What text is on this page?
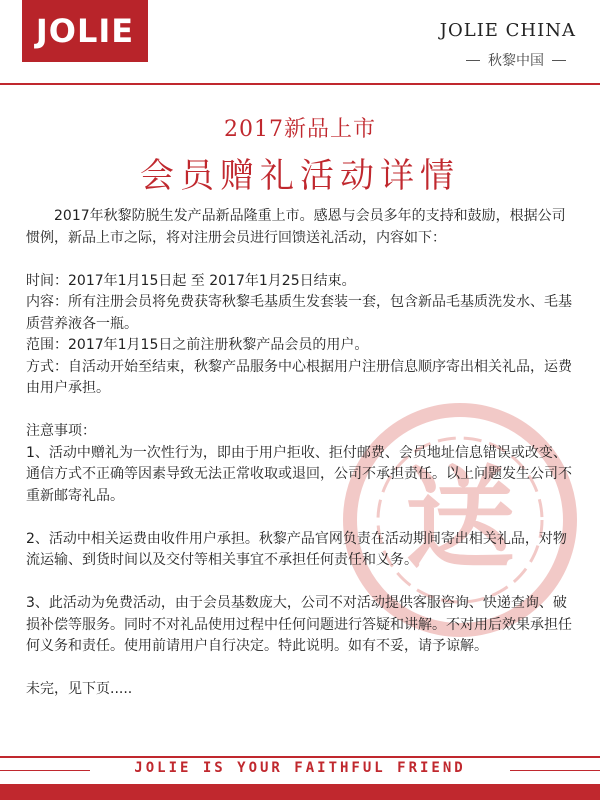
JOLIE	JOLIE CHINA
秋黎中国
2017新品上市
会员赠礼活动详情
送

2017年秋黎防脱生发产品新品隆重上市。感恩与会员多年的支持和鼓励，根据公司惯例，新品上市之际，将对注册会员进行回馈送礼活动，内容如下：

时间：2017年1月15日起 至 2017年1月25日结束。

内容：所有注册会员将免费获寄秋黎毛基质生发套装一套，包含新品毛基质洗发水、毛基质营养液各一瓶。

范围：2017年1月15日之前注册秋黎产品会员的用户。

方式：自活动开始至结束，秋黎产品服务中心根据用户注册信息顺序寄出相关礼品，运费由用户承担。

注意事项：

1、活动中赠礼为一次性行为，即由于用户拒收、拒付邮费、会员地址信息错误或改变、通信方式不正确等因素导致无法正常收取或退回，公司不承担责任。以上问题发生公司不重新邮寄礼品。

2、活动中相关运费由收件用户承担。秋黎产品官网负责在活动期间寄出相关礼品，对物流运输、到货时间以及交付等相关事宜不承担任何责任和义务。

3、此活动为免费活动，由于会员基数庞大，公司不对活动提供客服咨询、快递查询、破损补偿等服务。同时不对礼品使用过程中任何问题进行答疑和讲解。不对用后效果承担任何义务和责任。使用前请用户自行决定。特此说明。如有不妥，请予谅解。

未完，见下页.....

JOLIE IS YOUR FAITHFUL FRIEND
